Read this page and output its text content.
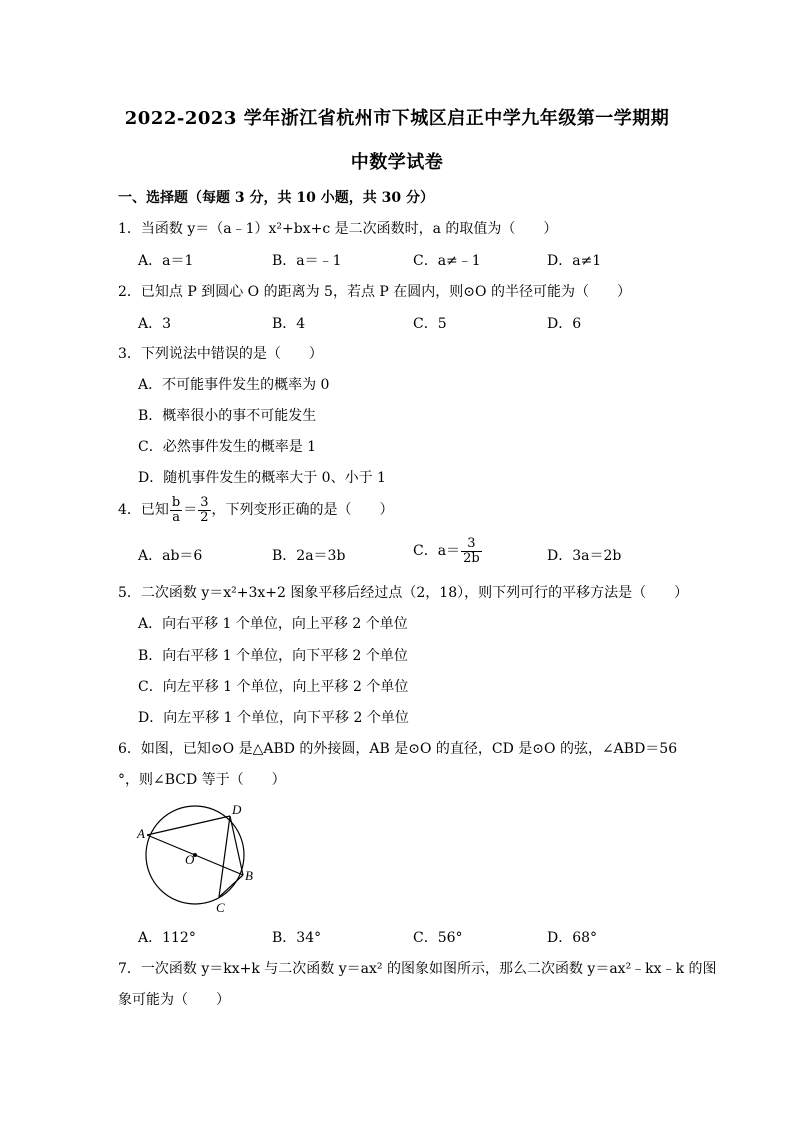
2022-2023 学年浙江省杭州市下城区启正中学九年级第一学期期
中数学试卷
一、选择题（每题 3 分，共 10 小题，共 30 分）
1．当函数 y＝（a﹣1）x²+bx+c 是二次函数时，a 的取值为（　　）
A．a＝1	B．a＝﹣1	C．a≠﹣1	D．a≠1
2．已知点 P 到圆心 O 的距离为 5，若点 P 在圆内，则⊙O 的半径可能为（　　）
A．3	B．4	C．5	D．6
3．下列说法中错误的是（　　）
A．不可能事件发生的概率为 0
B．概率很小的事不可能发生
C．必然事件发生的概率是 1
D．随机事件发生的概率大于 0、小于 1
4．已知 $\frac{b}{a} = \frac{3}{2}$ ，下列变形正确的是（　　）
A．ab＝6	B．2a＝3b	C．$a= \frac{3}{2b}$	D．3a＝2b
5．二次函数 y＝x²+3x+2 图象平移后经过点（2，18），则下列可行的平移方法是（　　）
A．向右平移 1 个单位，向上平移 2 个单位
B．向右平移 1 个单位，向下平移 2 个单位
C．向左平移 1 个单位，向上平移 2 个单位
D．向左平移 1 个单位，向下平移 2 个单位
6．如图，已知⊙O 是△ABD 的外接圆，AB 是⊙O 的直径，CD 是⊙O 的弦，∠ABD＝56
°，则∠BCD 等于（　　）
A
D
O
B
C
A．112°	B．34°	C．56°	D．68°
7．一次函数 y＝kx+k 与二次函数 y＝ax² 的图象如图所示，那么二次函数 y＝ax²﹣kx﹣k 的图
象可能为（　　）
